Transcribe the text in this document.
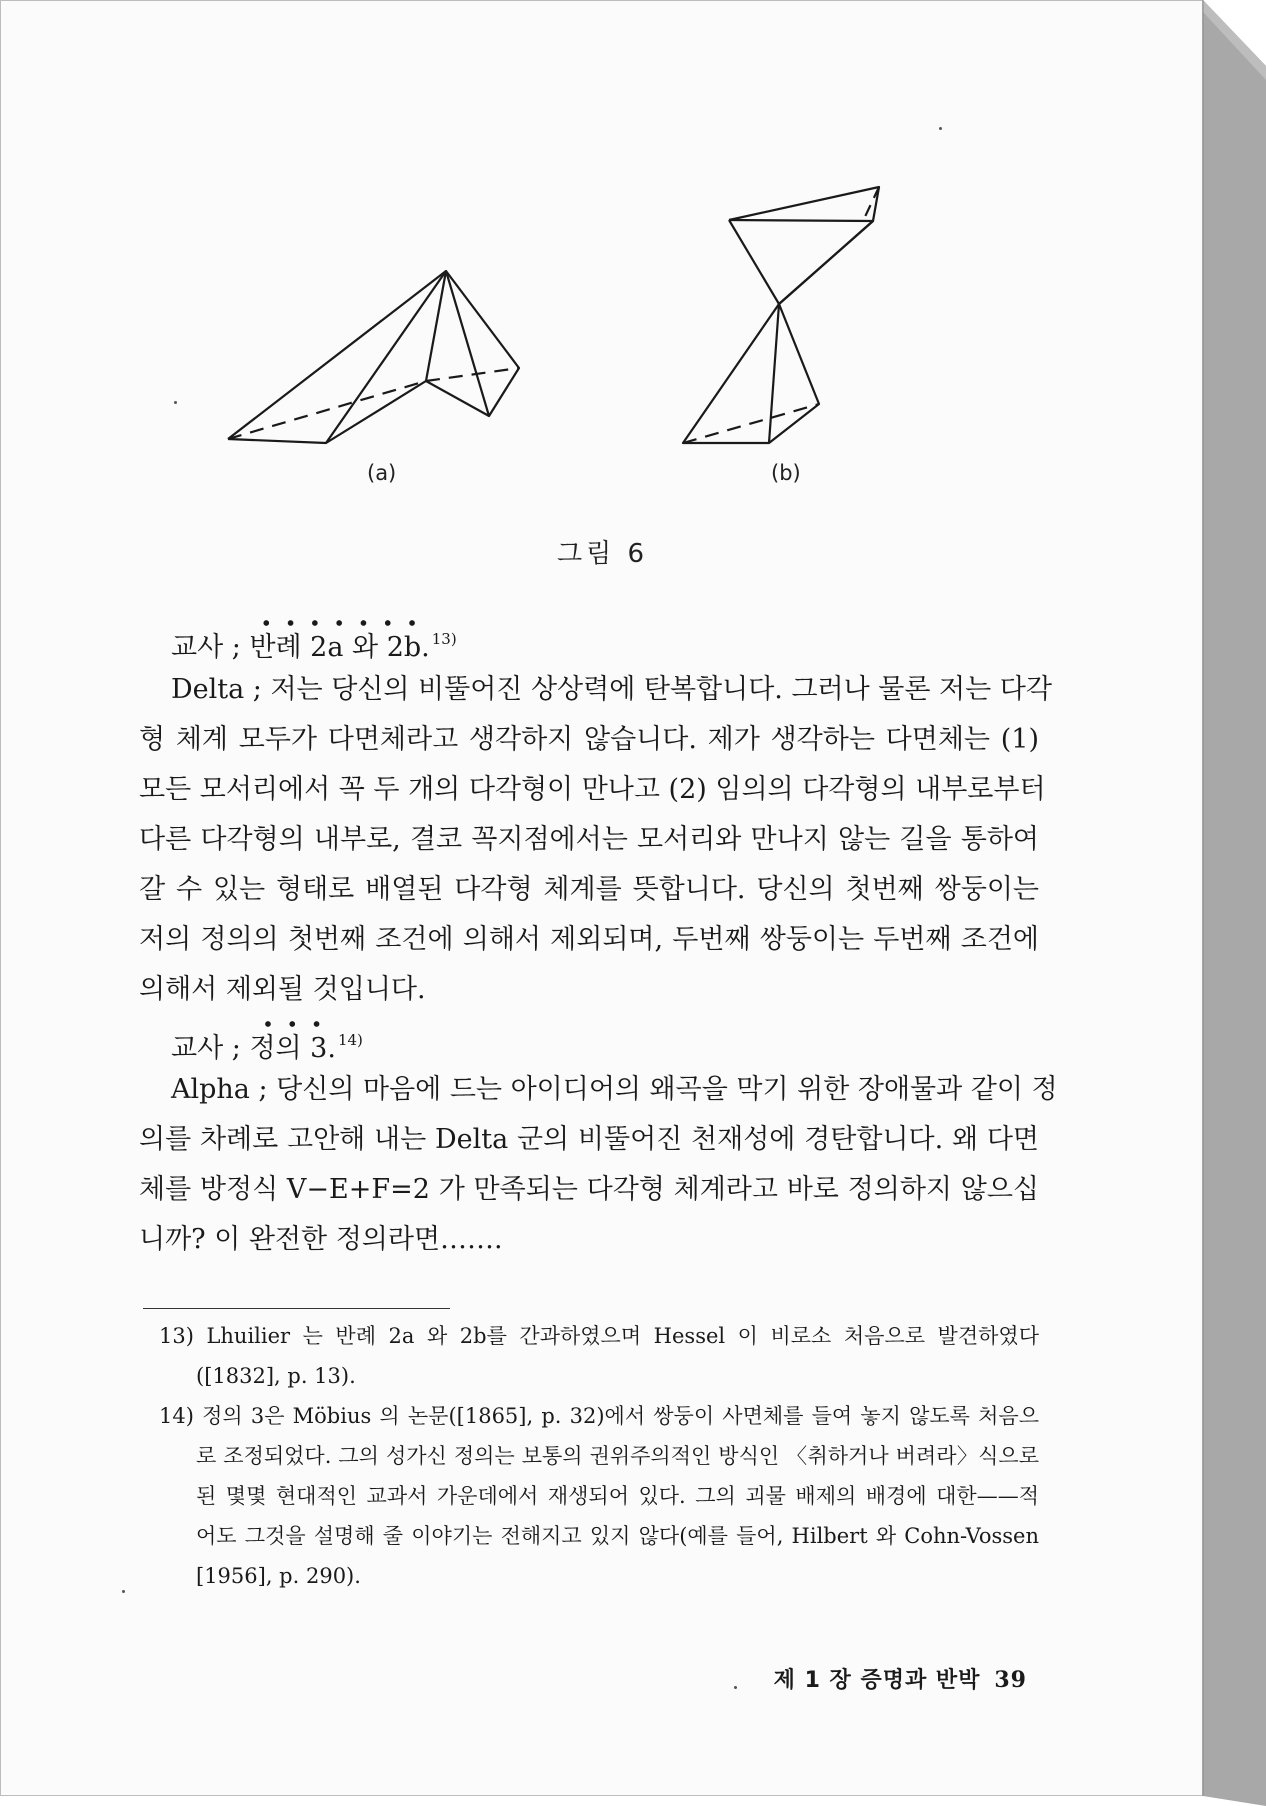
(a)	(b)
그림 6
교사 ; 반례 2a 와 2b. $^{13)}$
Delta ; 저는 당신의 비뚤어진 상상력에 탄복합니다. 그러나 물론 저는 다각
형 체계 모두가 다면체라고 생각하지 않습니다. 제가 생각하는 다면체는 (1)
모든 모서리에서 꼭 두 개의 다각형이 만나고 (2) 임의의 다각형의 내부로부터
다른 다각형의 내부로, 결코 꼭지점에서는 모서리와 만나지 않는 길을 통하여
갈 수 있는 형태로 배열된 다각형 체계를 뜻합니다. 당신의 첫번째 쌍둥이는
저의 정의의 첫번째 조건에 의해서 제외되며, 두번째 쌍둥이는 두번째 조건에
의해서 제외될 것입니다.
교사 ; 정의 3. $^{14)}$
Alpha ; 당신의 마음에 드는 아이디어의 왜곡을 막기 위한 장애물과 같이 정
의를 차례로 고안해 내는 Delta 군의 비뚤어진 천재성에 경탄합니다. 왜 다면
체를 방정식 V−E+F=2 가 만족되는 다각형 체계라고 바로 정의하지 않으십
니까? 이 완전한 정의라면…….
13) Lhuilier 는 반례 2a 와 2b를 간과하였으며 Hessel 이 비로소 처음으로 발견하였다
([1832], p. 13).
14) 정의 3은 Möbius 의 논문([1865], p. 32)에서 쌍둥이 사면체를 들여 놓지 않도록 처음으
로 조정되었다. 그의 성가신 정의는 보통의 권위주의적인 방식인 〈취하거나 버려라〉식으로
된 몇몇 현대적인 교과서 가운데에서 재생되어 있다. 그의 괴물 배제의 배경에 대한——적
어도 그것을 설명해 줄 이야기는 전해지고 있지 않다(예를 들어, Hilbert 와 Cohn-Vossen
[1956], p. 290).
제 1 장 증명과 반박 39
